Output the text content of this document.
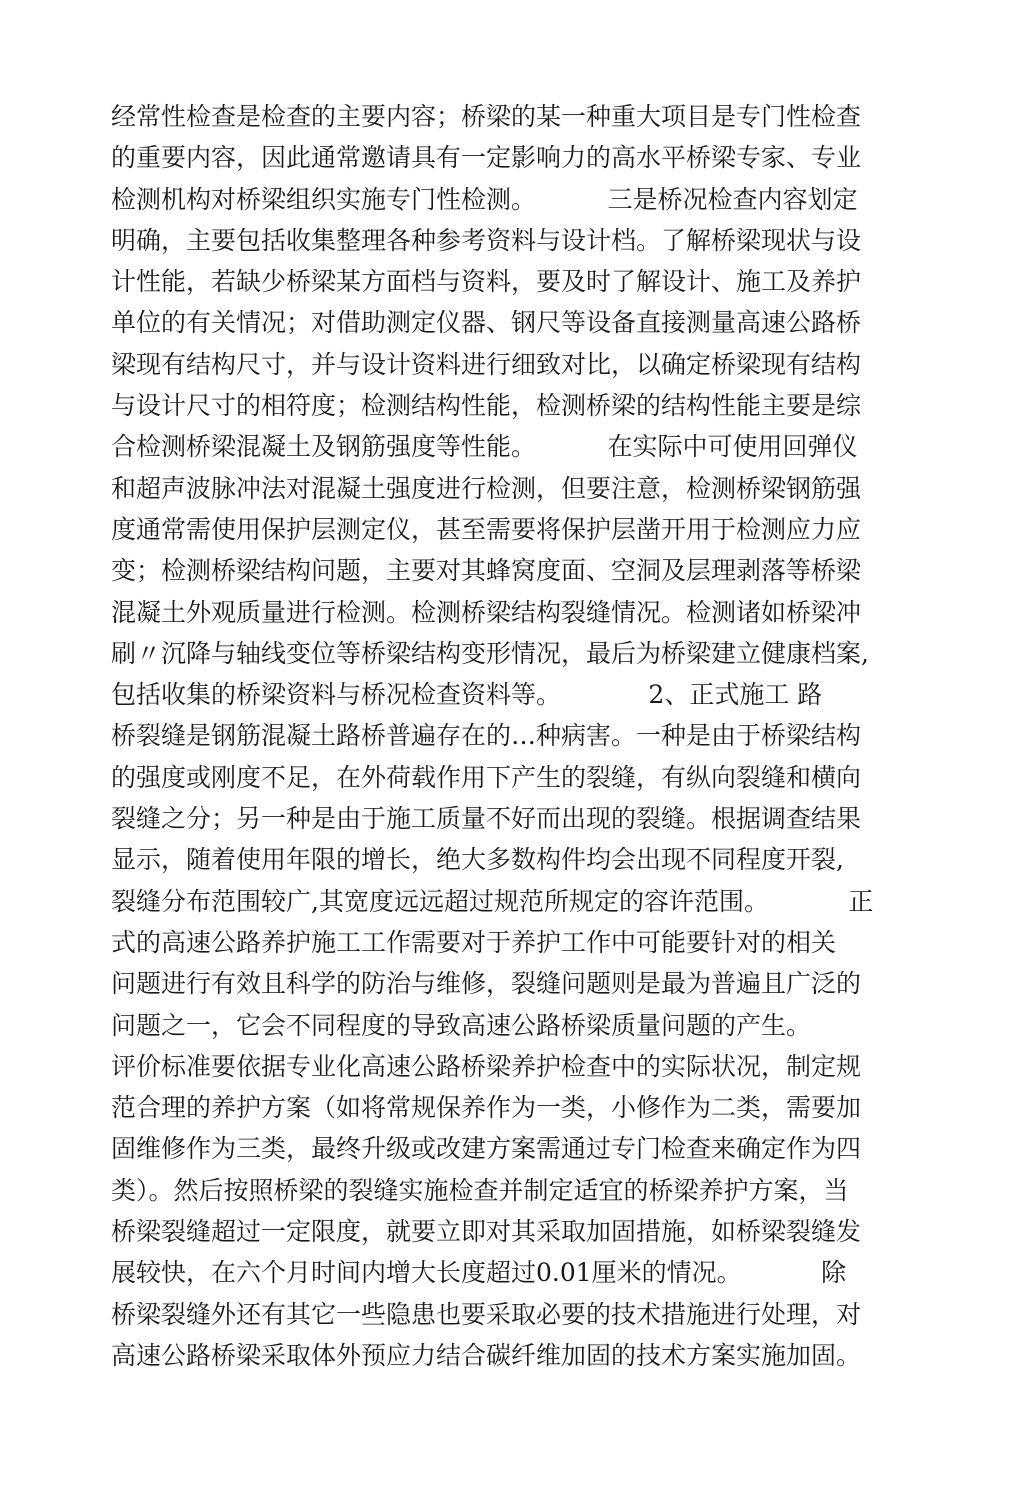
经常性检查是检查的主要内容；桥梁的某一种重大项目是专门性检查
的重要内容，因此通常邀请具有一定影响力的高水平桥梁专家、专业
检测机构对桥梁组织实施专门性检测。         三是桥况检查内容划定
明确，主要包括收集整理各种参考资料与设计档。了解桥梁现状与设
计性能，若缺少桥梁某方面档与资料，要及时了解设计、施工及养护
单位的有关情况；对借助测定仪器、钢尺等设备直接测量高速公路桥
梁现有结构尺寸，并与设计资料进行细致对比，以确定桥梁现有结构
与设计尺寸的相符度；检测结构性能，检测桥梁的结构性能主要是综
合检测桥梁混凝土及钢筋强度等性能。         在实际中可使用回弹仪
和超声波脉冲法对混凝土强度进行检测，但要注意，检测桥梁钢筋强
度通常需使用保护层测定仪，甚至需要将保护层凿开用于检测应力应
变；检测桥梁结构问题，主要对其蜂窝度面、空洞及层理剥落等桥梁
混凝土外观质量进行检测。检测桥梁结构裂缝情况。检测诸如桥梁冲
刷〃沉降与轴线变位等桥梁结构变形情况，最后为桥梁建立健康档案,
包括收集的桥梁资料与桥况检查资料等。           2、正式施工 路
桥裂缝是钢筋混凝土路桥普遍存在的…种病害。一种是由于桥梁结构
的强度或刚度不足，在外荷载作用下产生的裂缝，有纵向裂缝和横向
裂缝之分；另一种是由于施工质量不好而出现的裂缝。根据调查结果
显示，随着使用年限的增长，绝大多数构件均会出现不同程度开裂,
裂缝分布范围较广,其宽度远远超过规范所规定的容许范围。          正
式的高速公路养护施工工作需要对于养护工作中可能要针对的相关
问题进行有效且科学的防治与维修，裂缝问题则是最为普遍且广泛的
问题之一，它会不同程度的导致高速公路桥梁质量问题的产生。
评价标准要依据专业化高速公路桥梁养护检查中的实际状况，制定规
范合理的养护方案（如将常规保养作为一类，小修作为二类，需要加
固维修作为三类，最终升级或改建方案需通过专门检查来确定作为四
类）。然后按照桥梁的裂缝实施检查并制定适宜的桥梁养护方案，当
桥梁裂缝超过一定限度，就要立即对其采取加固措施，如桥梁裂缝发
展较快，在六个月时间内增大长度超过0.01厘米的情况。          除
桥梁裂缝外还有其它一些隐患也要采取必要的技术措施进行处理，对
高速公路桥梁采取体外预应力结合碳纤维加固的技术方案实施加固。
